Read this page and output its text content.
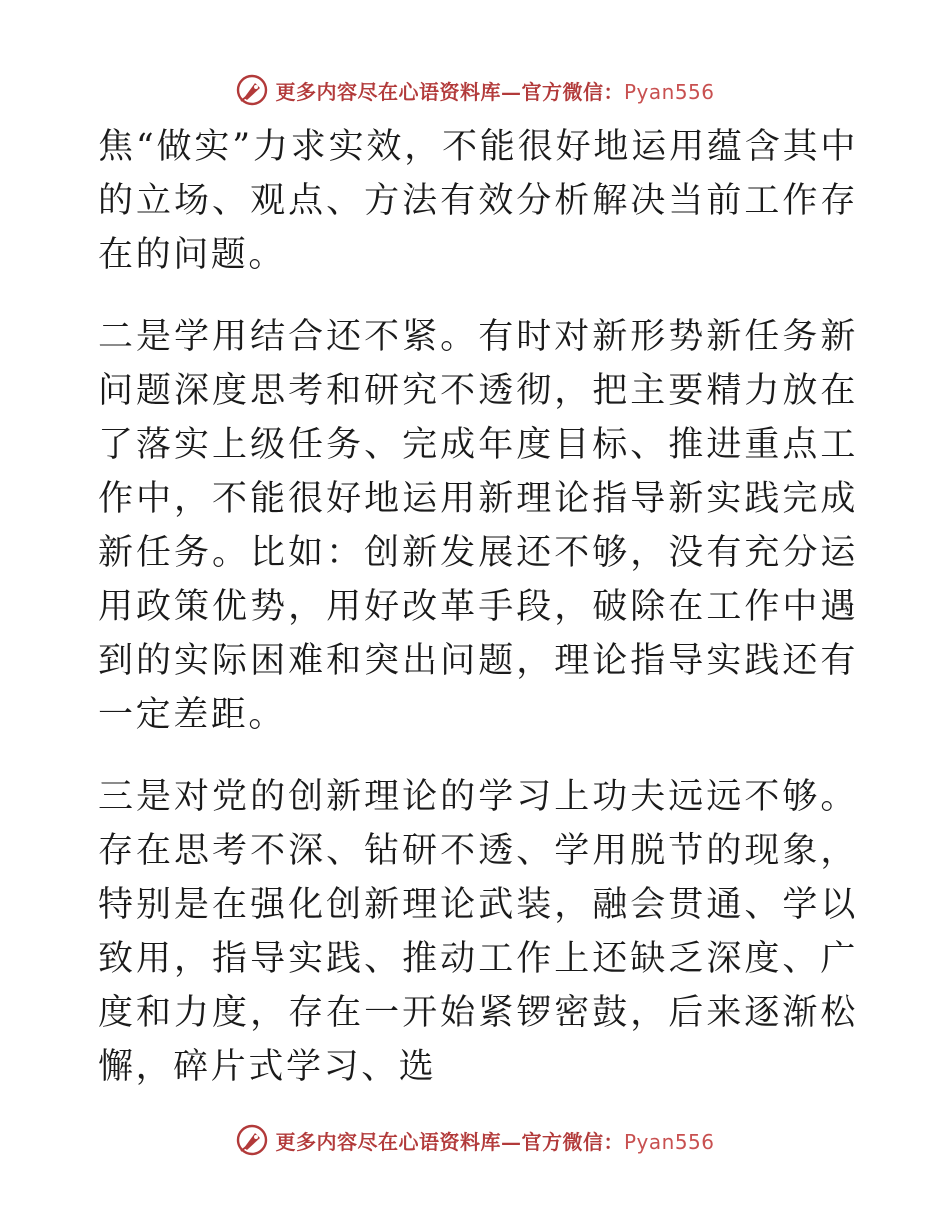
更多内容尽在心语资料库—官方微信：Pyan556

焦“做实”力求实效，不能很好地运用蕴含其中的立场、观点、方法有效分析解决当前工作存在的问题。

二是学用结合还不紧。有时对新形势新任务新问题深度思考和研究不透彻，把主要精力放在了落实上级任务、完成年度目标、推进重点工作中，不能很好地运用新理论指导新实践完成新任务。比如：创新发展还不够，没有充分运用政策优势，用好改革手段，破除在工作中遇到的实际困难和突出问题，理论指导实践还有一定差距。

三是对党的创新理论的学习上功夫远远不够。存在思考不深、钻研不透、学用脱节的现象，特别是在强化创新理论武装，融会贯通、学以致用，指导实践、推动工作上还缺乏深度、广度和力度，存在一开始紧锣密鼓，后来逐渐松懈，碎片式学习、选

更多内容尽在心语资料库—官方微信：Pyan556
